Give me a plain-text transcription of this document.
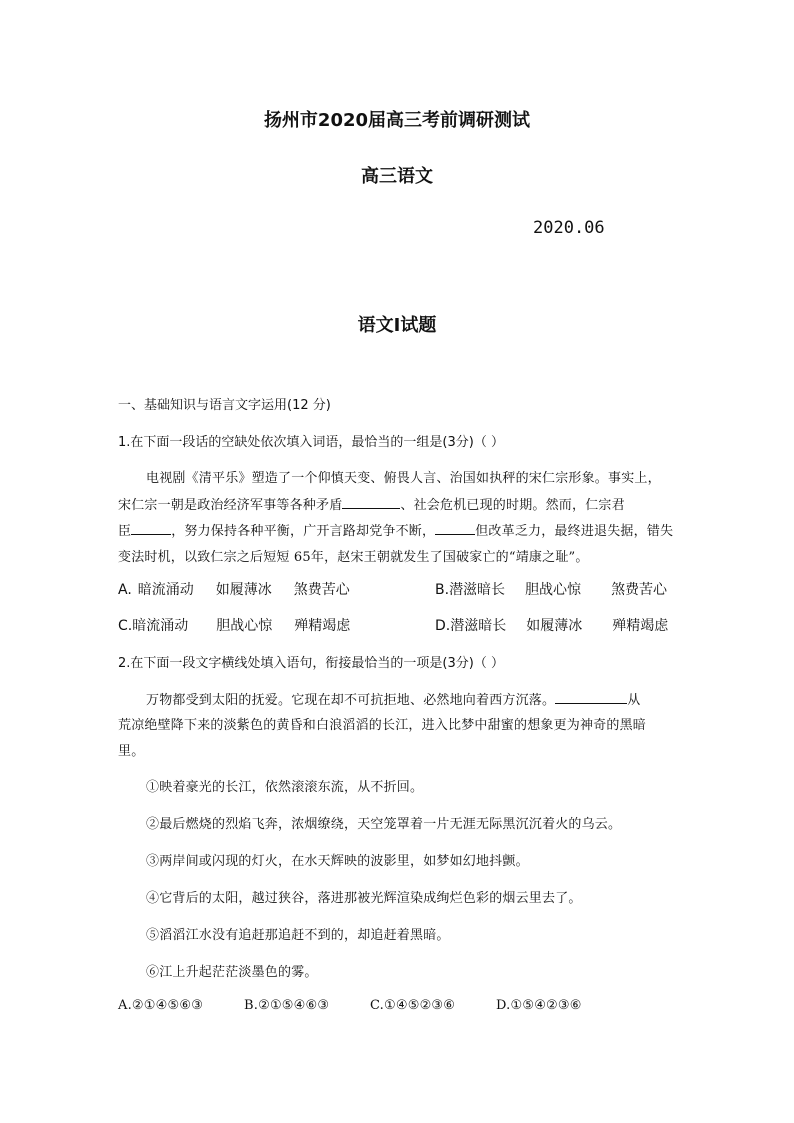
扬州市2020届高三考前调研测试
高三语文
2020.06
语文Ⅰ试题
一、基础知识与语言文字运用(12 分)
1.在下面一段话的空缺处依次填入词语，最恰当的一组是(3分)（ ）
电视剧《清平乐》塑造了一个仰慎天变、俯畏人言、治国如执秤的宋仁宗形象。事实上，
宋仁宗一朝是政治经济军事等各种矛盾	、社会危机已现的时期。然而，仁宗君
臣	，努力保持各种平衡，广开言路却党争不断，	但改革乏力，最终进退失据，错失
变法时机，以致仁宗之后短短 65年，赵宋王朝就发生了国破家亡的“靖康之耻”。
A. 暗流涌动 如履薄冰 煞费苦心	B.潜滋暗长 胆战心惊 煞费苦心
C.暗流涌动 胆战心惊 殚精竭虑	D.潜滋暗长 如履薄冰 殚精竭虑
2.在下面一段文字横线处填入语句，衔接最恰当的一项是(3分)（ ）
万物都受到太阳的抚爱。它现在却不可抗拒地、必然地向着西方沉落。	从
荒凉绝壁降下来的淡紫色的黄昏和白浪滔滔的长江，进入比梦中甜蜜的想象更为神奇的黑暗
里。
①映着豪光的长江，依然滚滚东流，从不折回。
②最后燃烧的烈焰飞奔，浓烟缭绕，天空笼罩着一片无涯无际黑沉沉着火的乌云。
③两岸间或闪现的灯火，在水天辉映的波影里，如梦如幻地抖颤。
④它背后的太阳，越过狭谷，落进那被光辉渲染成绚烂色彩的烟云里去了。
⑤滔滔江水没有追赶那追赶不到的，却追赶着黑暗。
⑥江上升起茫茫淡墨色的雾。
A.②①④⑤⑥③	B.②①⑤④⑥③	C.①④⑤②③⑥	D.①⑤④②③⑥
